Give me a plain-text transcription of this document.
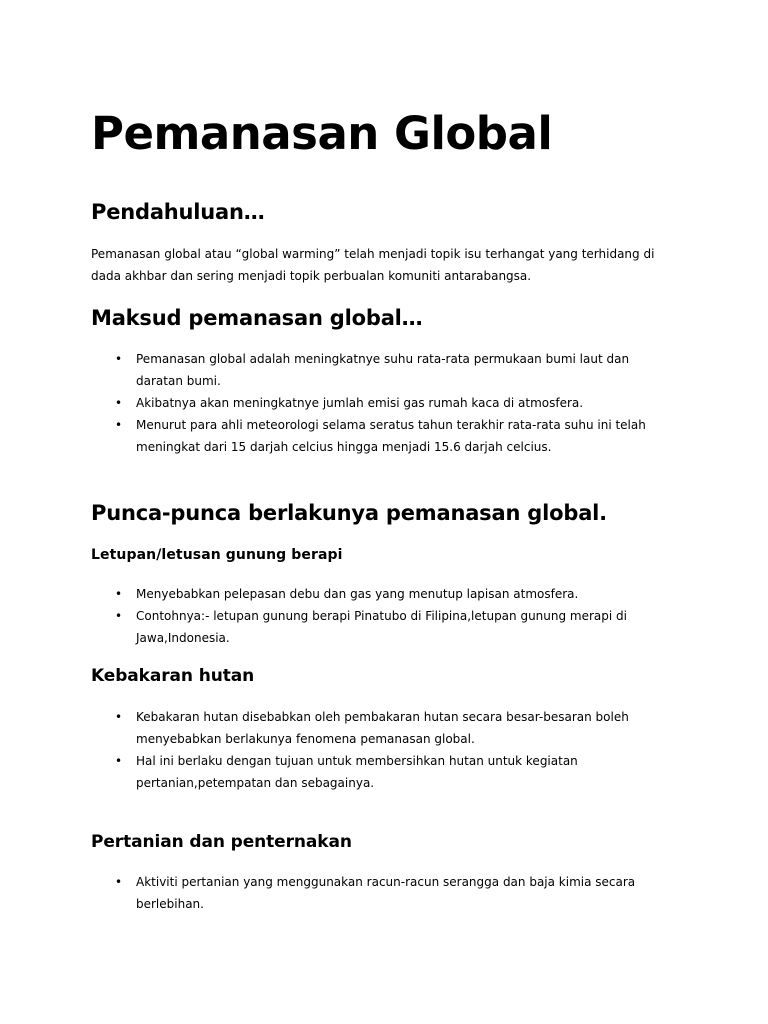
Pemanasan Global
Pendahuluan…

Pemanasan global atau “global warming” telah menjadi topik isu terhangat yang terhidang di dada akhbar dan sering menjadi topik perbualan komuniti antarabangsa.

Maksud pemanasan global…
• Pemanasan global adalah meningkatnye suhu rata-rata permukaan bumi laut dan daratan bumi.
• Akibatnya akan meningkatnye jumlah emisi gas rumah kaca di atmosfera.
• Menurut para ahli meteorologi selama seratus tahun terakhir rata-rata suhu ini telah meningkat dari 15 darjah celcius hingga menjadi 15.6 darjah celcius.
Punca-punca berlakunya pemanasan global.
Letupan/letusan gunung berapi
• Menyebabkan pelepasan debu dan gas yang menutup lapisan atmosfera.
• Contohnya:- letupan gunung berapi Pinatubo di Filipina,letupan gunung merapi di Jawa,Indonesia.
Kebakaran hutan
• Kebakaran hutan disebabkan oleh pembakaran hutan secara besar-besaran boleh menyebabkan berlakunya fenomena pemanasan global.
• Hal ini berlaku dengan tujuan untuk membersihkan hutan untuk kegiatan pertanian,petempatan dan sebagainya.
Pertanian dan penternakan
• Aktiviti pertanian yang menggunakan racun-racun serangga dan baja kimia secara berlebihan.
